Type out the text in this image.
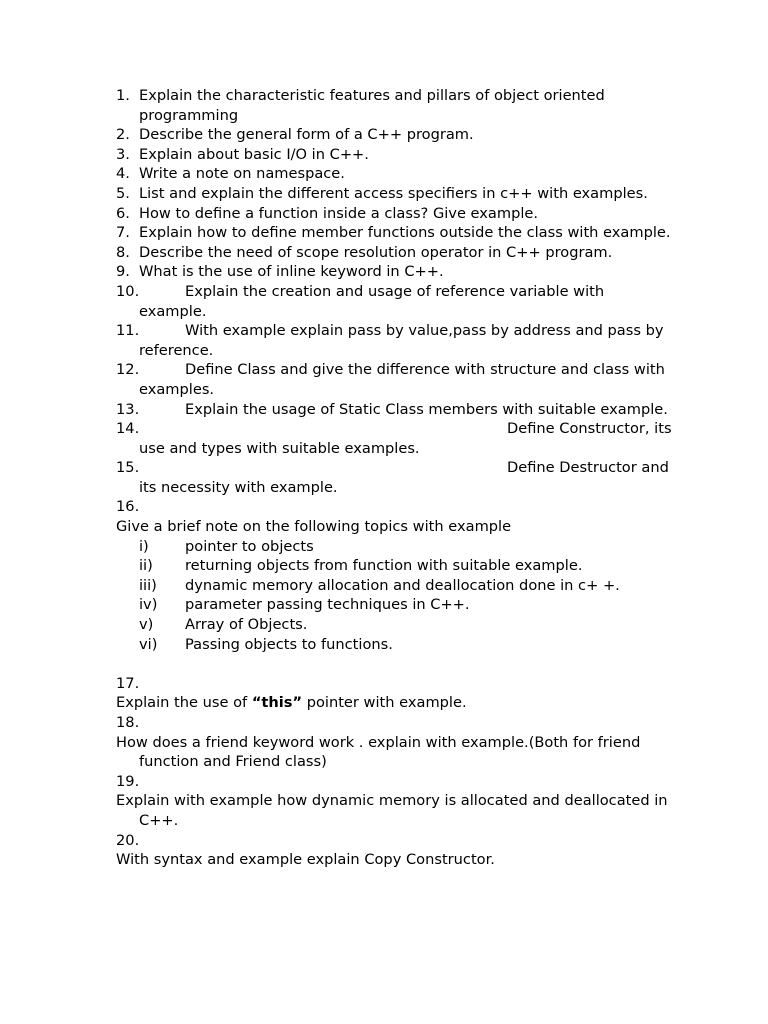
1. Explain the characteristic features and pillars of object oriented programming

2. Describe the general form of a C++ program.

3. Explain about basic I/O in C++.

4. Write a note on namespace.

5. List and explain the different access specifiers in c++ with examples.

6. How to define a function inside a class? Give example.

7. Explain how to define member functions outside the class with example.

8. Describe the need of scope resolution operator in C++ program.

9. What is the use of inline keyword in C++.

10.	Explain the creation and usage of reference variable with example.

11.	With example explain pass by value,pass by address and pass by reference.

12.	Define Class and give the difference with structure and class with examples.

13.	Explain the usage of Static Class members with suitable example.

14.	Define Constructor, its use and types with suitable examples.

15.	Define Destructor and its necessity with example.

16.
Give a brief note on the following topics with example

i) pointer to objects

ii) returning objects from function with suitable example.

iii) dynamic memory allocation and deallocation done in c+ +.

iv) parameter passing techniques in C++.

v) Array of Objects.

vi) Passing objects to functions.

17.
Explain the use of “this” pointer with example.
18.
How does a friend keyword work . explain with example.(Both for friend function and Friend class)
19.
Explain with example how dynamic memory is allocated and deallocated in C++.
20.
With syntax and example explain Copy Constructor.
